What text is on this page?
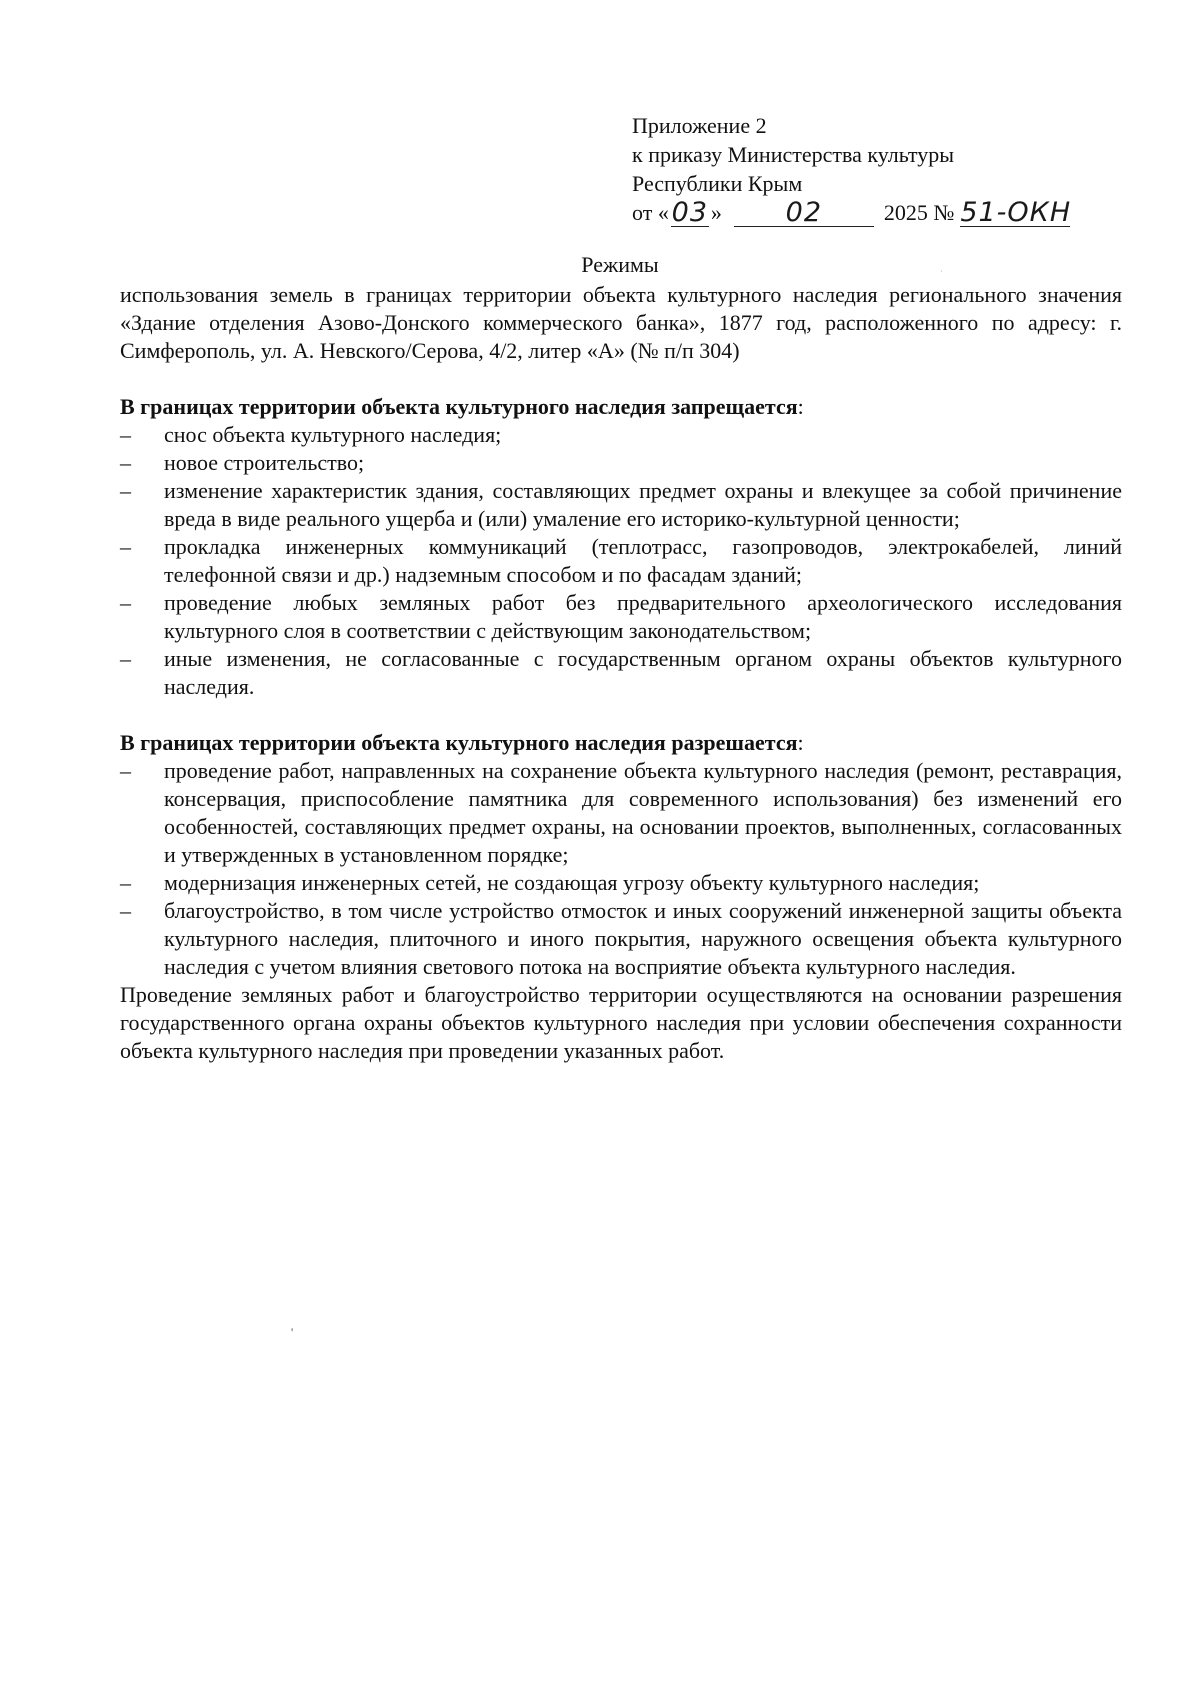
Приложение 2
к приказу Министерства культуры
Республики Крым
от « 03 »	02	2025 № 51-ОКН
Режимы	·

использования земель в границах территории объекта культурного наследия регионального значения «Здание отделения Азово-Донского коммерческого банка», 1877 год, расположенного по адресу: г. Симферополь, ул. А. Невского/Серова, 4/2, литер «А» (№ п/п 304)

В границах территории объекта культурного наследия запрещается:

– снос объекта культурного наследия;
– новое строительство;
– изменение характеристик здания, составляющих предмет охраны и влекущее за собой причинение вреда в виде реального ущерба и (или) умаление его историко-культурной ценности;
– прокладка инженерных коммуникаций (теплотрасс, газопроводов, электрокабелей, линий телефонной связи и др.) надземным способом и по фасадам зданий;
– проведение любых земляных работ без предварительного археологического исследования культурного слоя в соответствии с действующим законодательством;
– иные изменения, не согласованные с государственным органом охраны объектов культурного наследия.

В границах территории объекта культурного наследия разрешается:

– проведение работ, направленных на сохранение объекта культурного наследия (ремонт, реставрация, консервация, приспособление памятника для современного использования) без изменений его особенностей, составляющих предмет охраны, на основании проектов, выполненных, согласованных и утвержденных в установленном порядке;
– модернизация инженерных сетей, не создающая угрозу объекту культурного наследия;
– благоустройство, в том числе устройство отмосток и иных сооружений инженерной защиты объекта культурного наследия, плиточного и иного покрытия, наружного освещения объекта культурного наследия с учетом влияния светового потока на восприятие объекта культурного наследия.

Проведение земляных работ и благоустройство территории осуществляются на основании разрешения государственного органа охраны объектов культурного наследия при условии обеспечения сохранности объекта культурного наследия при проведении указанных работ.

'
